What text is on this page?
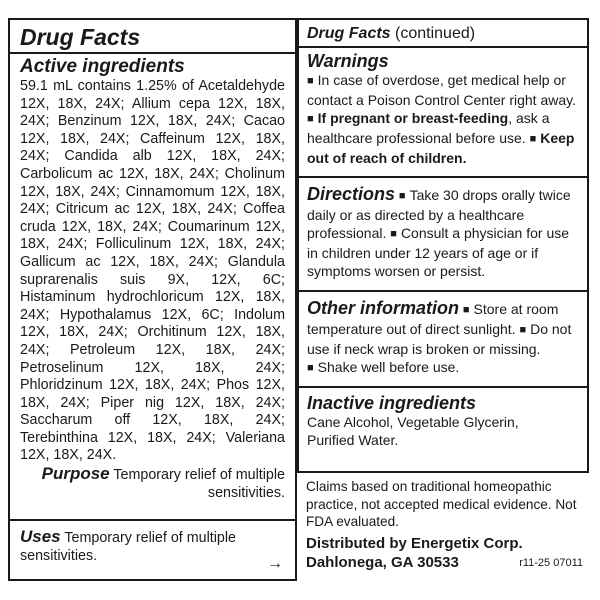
Drug Facts
Active ingredients
59.1 mL contains 1.25% of Acetaldehyde 12X, 18X, 24X; Allium cepa 12X, 18X, 24X; Benzinum 12X, 18X, 24X; Cacao 12X, 18X, 24X; Caffeinum 12X, 18X, 24X; Candida alb 12X, 18X, 24X; Carbolicum ac 12X, 18X, 24X; Cholinum 12X, 18X, 24X; Cinnamomum 12X, 18X, 24X; Citricum ac 12X, 18X, 24X; Coffea cruda 12X, 18X, 24X; Coumarinum 12X, 18X, 24X; Folliculinum 12X, 18X, 24X; Gallicum ac 12X, 18X, 24X; Glandula suprarenalis suis 9X, 12X, 6C; Histaminum hydrochloricum 12X, 18X, 24X; Hypothalamus 12X, 6C; Indolum 12X, 18X, 24X; Orchitinum 12X, 18X, 24X; Petroleum 12X, 18X, 24X; Petroselinum 12X, 18X, 24X; Phloridzinum 12X, 18X, 24X; Phos 12X, 18X, 24X; Piper nig 12X, 18X, 24X; Saccharum off 12X, 18X, 24X; Terebinthina 12X, 18X, 24X; Valeriana 12X, 18X, 24X.
Purpose Temporary relief of multiple sensitivities.
Uses Temporary relief of multiple sensitivities.	→
Drug Facts (continued)
Warnings
■ In case of overdose, get medical help or contact a Poison Control Center right away. ■ If pregnant or breast-feeding, ask a healthcare professional before use. ■ Keep out of reach of children.
Directions ■ Take 30 drops orally twice daily or as directed by a healthcare professional. ■ Consult a physician for use in children under 12 years of age or if symptoms worsen or persist.
Other information ■ Store at room temperature out of direct sunlight. ■ Do not use if neck wrap is broken or missing. ■ Shake well before use.
Inactive ingredients
Cane Alcohol, Vegetable Glycerin, Purified Water.
Claims based on traditional homeopathic practice, not accepted medical evidence. Not FDA evaluated.
Distributed by Energetix Corp.
Dahlonega, GA 30533	r11-25 07011
